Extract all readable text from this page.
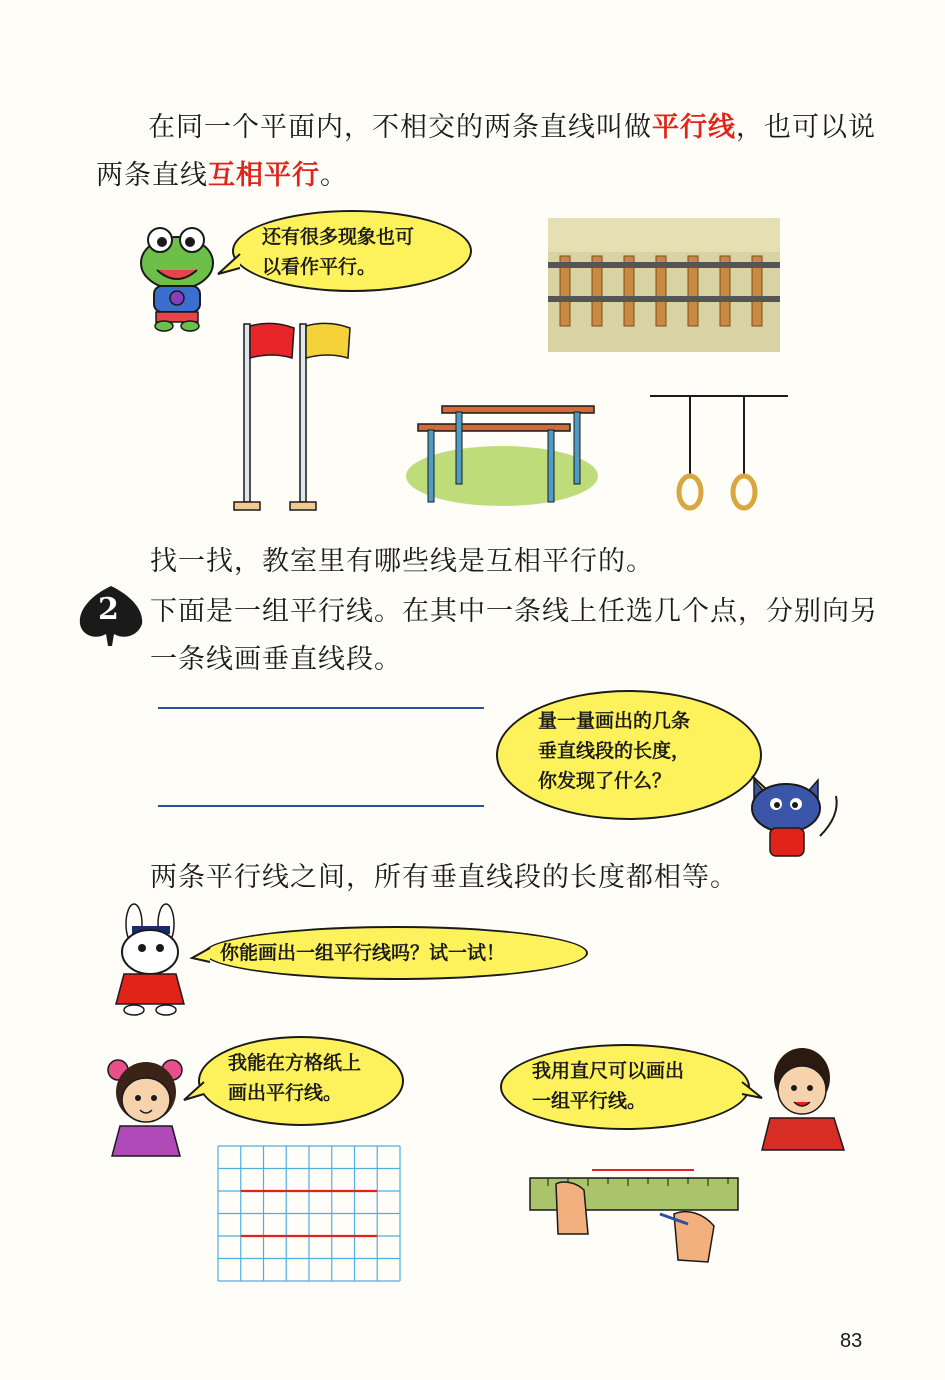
在同一个平面内，不相交的两条直线叫做平行线，也可以说
两条直线互相平行。
还有很多现象也可
以看作平行。
找一找，教室里有哪些线是互相平行的。
2 下面是一组平行线。在其中一条线上任选几个点，分别向另
一条线画垂直线段。
量一量画出的几条
垂直线段的长度，
你发现了什么？
两条平行线之间，所有垂直线段的长度都相等。
你能画出一组平行线吗？试一试！
我能在方格纸上
画出平行线。
我用直尺可以画出
一组平行线。
83
